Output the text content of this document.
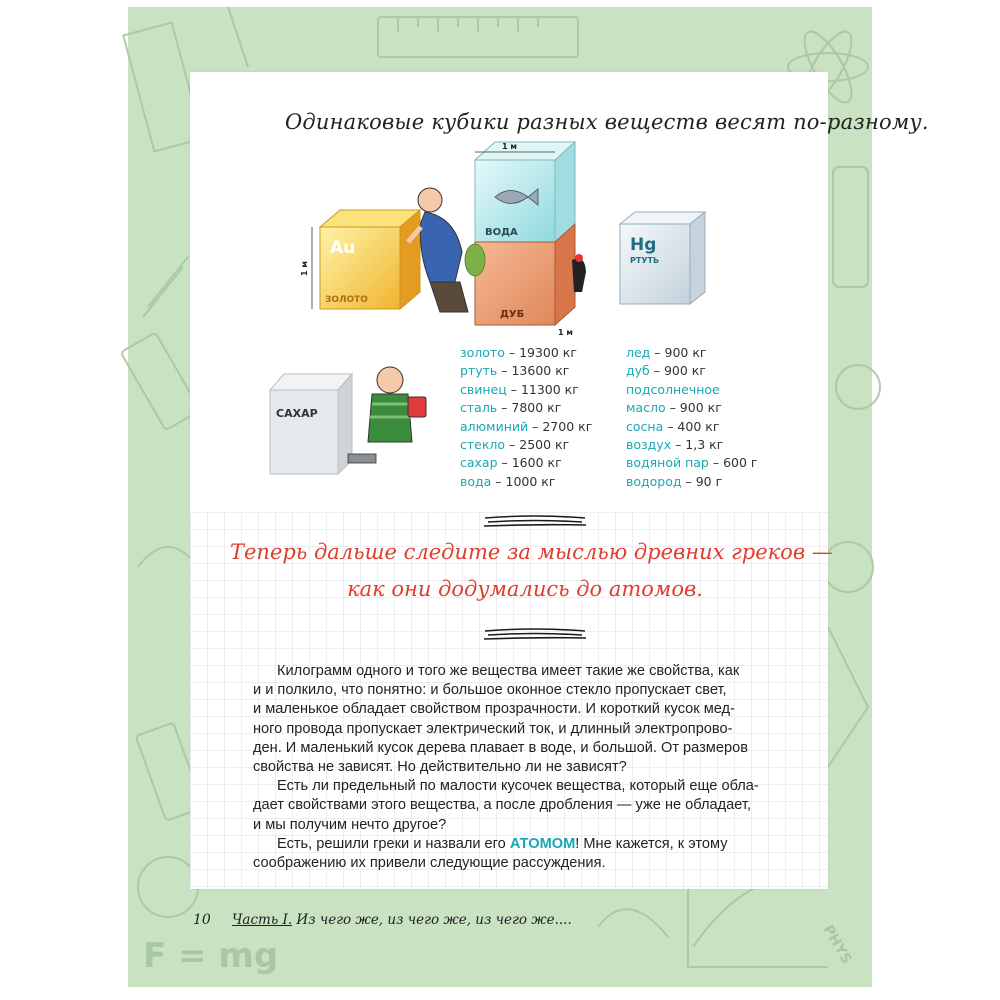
F = mg	PHYS
Одинаковые кубики разных веществ весят по-разному.
Au
ЗОЛОТО
1 м
ВОДА
1 м
ДУБ
1 м
Hg
РТУТЬ
САХАР
золото – 19300 кг
ртуть – 13600 кг
свинец – 11300 кг
сталь – 7800 кг
алюминий – 2700 кг
стекло – 2500 кг
сахар – 1600 кг
вода – 1000 кг
лед – 900 кг
дуб – 900 кг
подсолнечное
масло – 900 кг
сосна – 400 кг
воздух – 1,3 кг
водяной пар – 600 г
водород – 90 г
Теперь дальше следите за мыслью древних греков —
как они додумались до атомов.

Килограмм одного и того же вещества имеет такие же свойства, как

и и полкило, что понятно: и большое оконное стекло пропускает свет,

и маленькое обладает свойством прозрачности. И короткий кусок мед-

ного провода пропускает электрический ток, и длинный электропрово-

ден. И маленький кусок дерева плавает в воде, и большой. От размеров

свойства не зависят. Но действительно ли не зависят?

Есть ли предельный по малости кусочек вещества, который еще обла-

дает свойствами этого вещества, а после дробления — уже не обладает,

и мы получим нечто другое?

Есть, решили греки и назвали его АТОМОМ! Мне кажется, к этому

соображению их привели следующие рассуждения.

10 Часть I. Из чего же, из чего же, из чего же....
